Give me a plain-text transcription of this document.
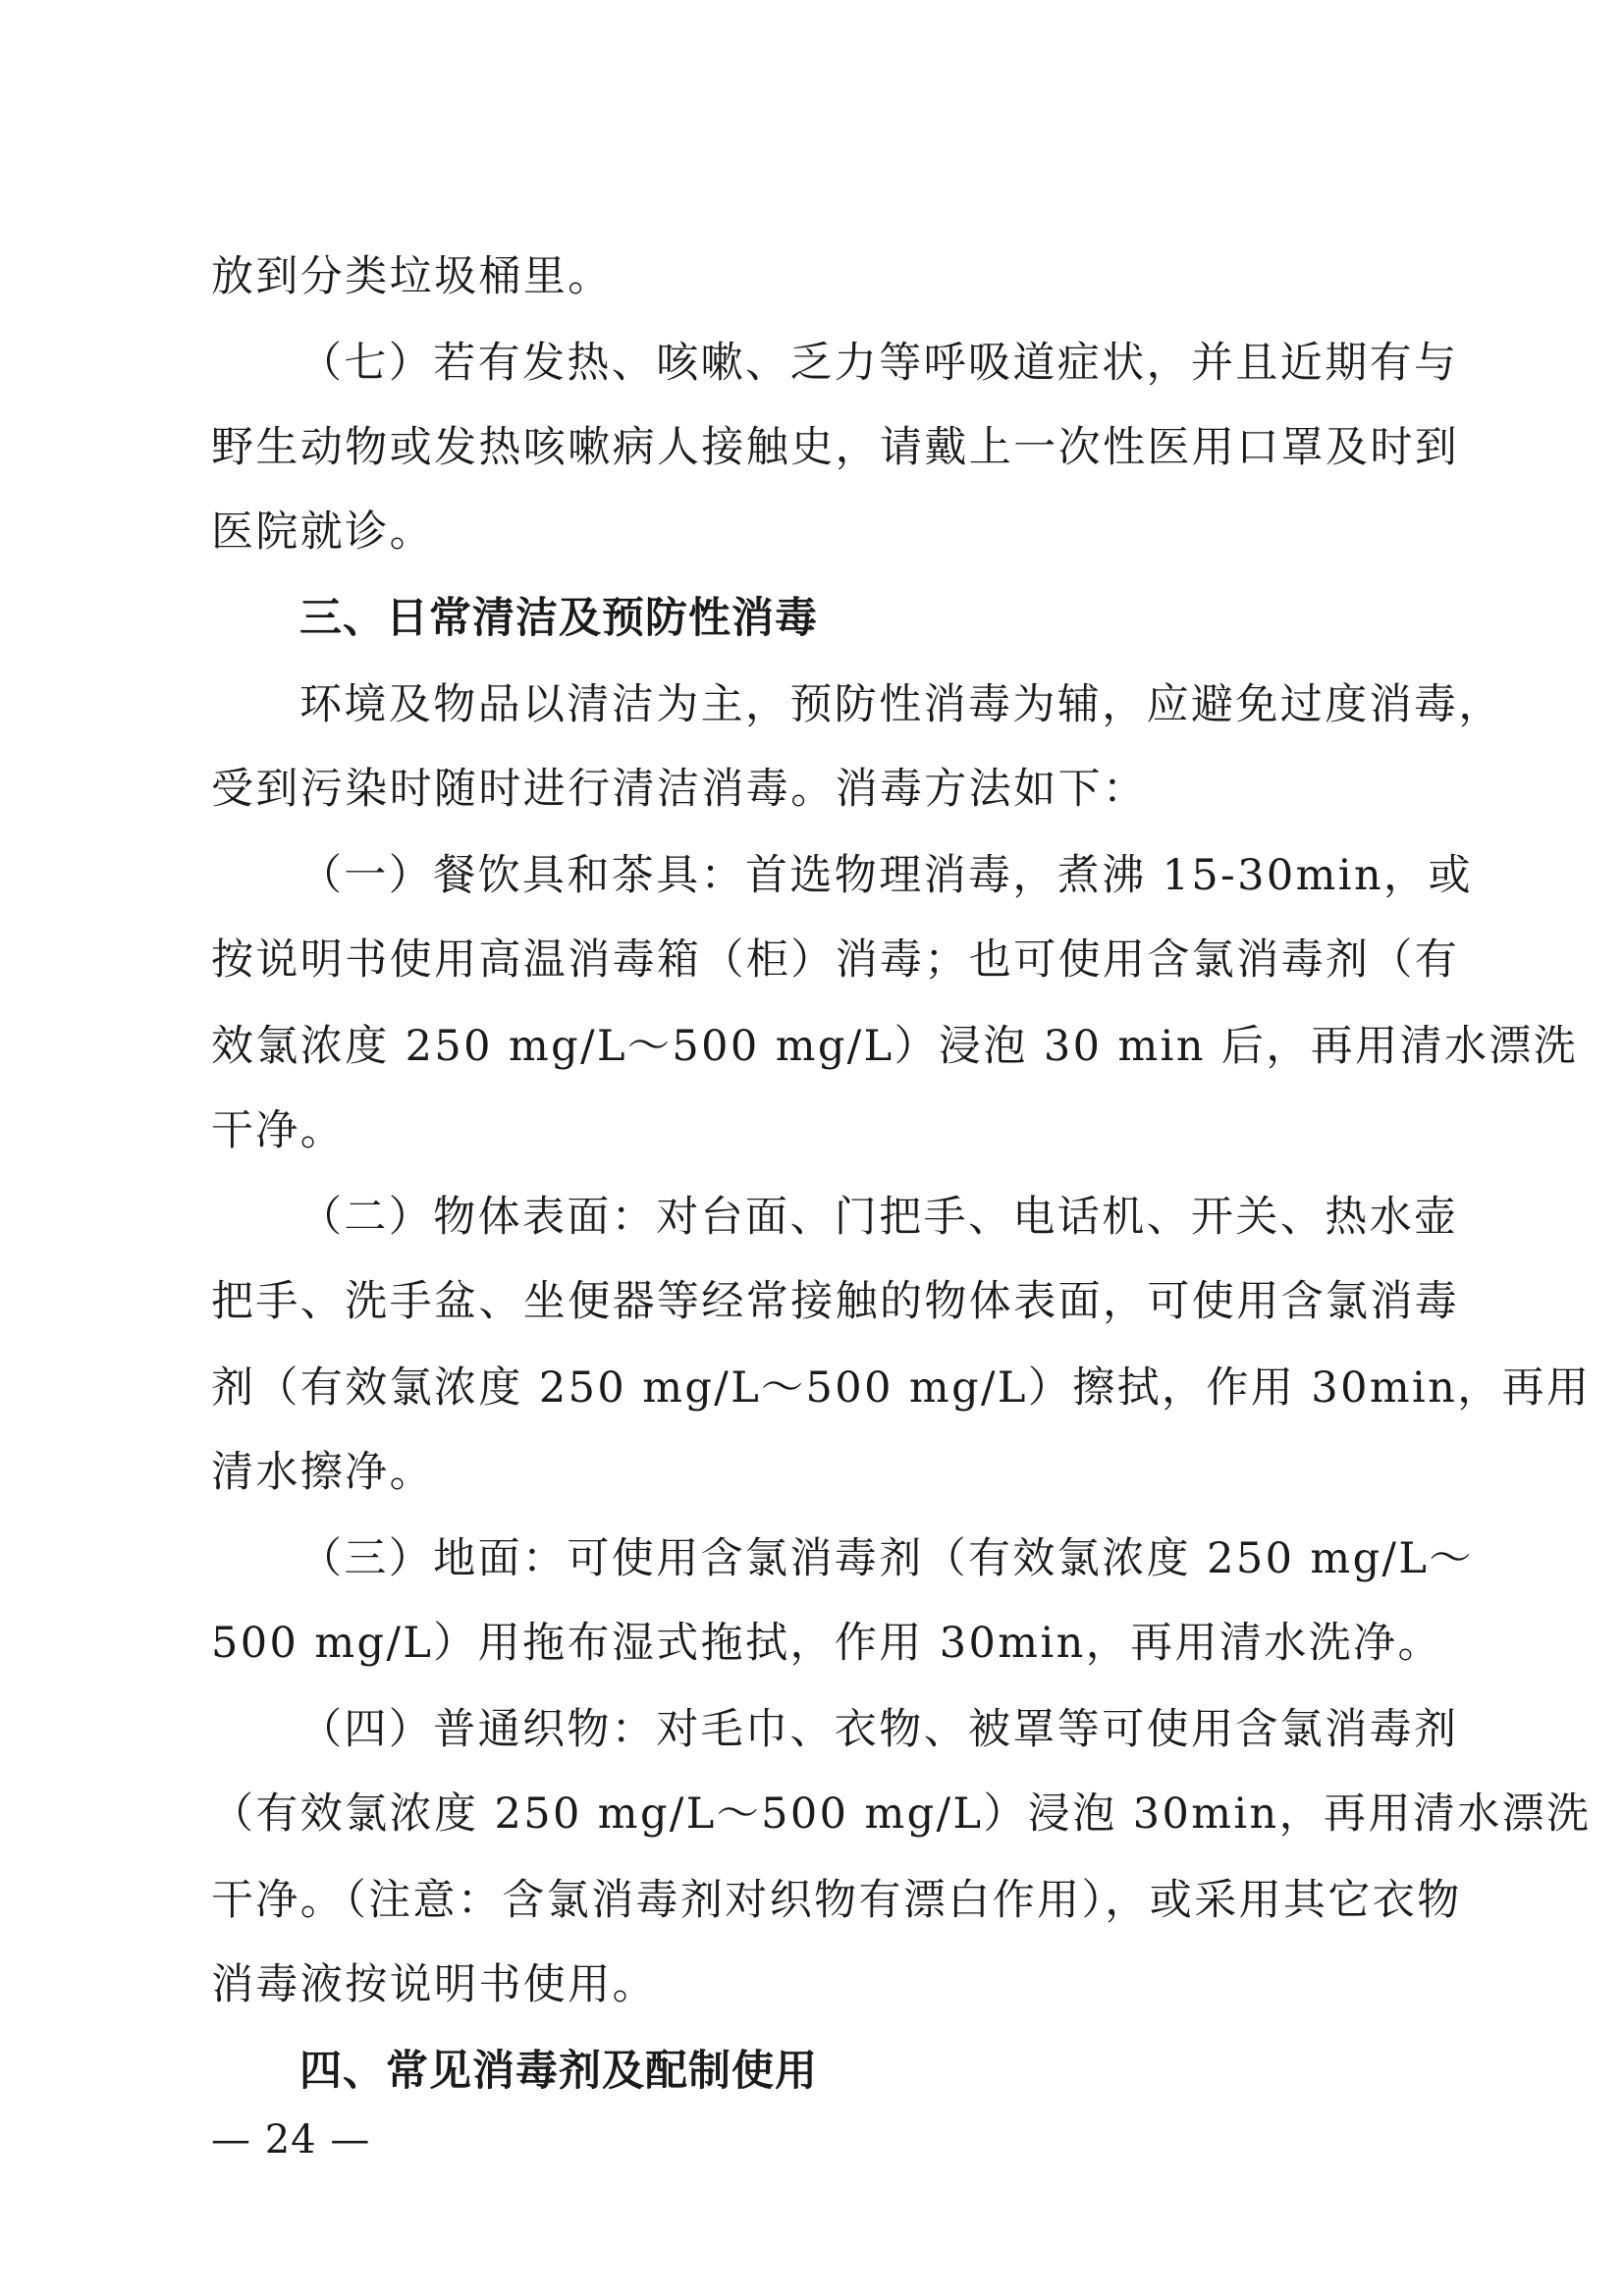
放到分类垃圾桶里。
（七）若有发热、咳嗽、乏力等呼吸道症状，并且近期有与
野生动物或发热咳嗽病人接触史，请戴上一次性医用口罩及时到
医院就诊。
三、日常清洁及预防性消毒
环境及物品以清洁为主，预防性消毒为辅，应避免过度消毒，
受到污染时随时进行清洁消毒。消毒方法如下：
（一）餐饮具和茶具：首选物理消毒，煮沸 15-30min，或
按说明书使用高温消毒箱（柜）消毒；也可使用含氯消毒剂（有
效氯浓度 250 mg/L～500 mg/L）浸泡 30 min 后，再用清水漂洗
干净。
（二）物体表面：对台面、门把手、电话机、开关、热水壶
把手、洗手盆、坐便器等经常接触的物体表面，可使用含氯消毒
剂（有效氯浓度 250 mg/L～500 mg/L）擦拭，作用 30min，再用
清水擦净。
（三）地面：可使用含氯消毒剂（有效氯浓度 250 mg/L～
500 mg/L）用拖布湿式拖拭，作用 30min，再用清水洗净。
（四）普通织物：对毛巾、衣物、被罩等可使用含氯消毒剂
（有效氯浓度 250 mg/L～500 mg/L）浸泡 30min，再用清水漂洗
干净。（注意：含氯消毒剂对织物有漂白作用），或采用其它衣物
消毒液按说明书使用。
四、常见消毒剂及配制使用
— 24 —
